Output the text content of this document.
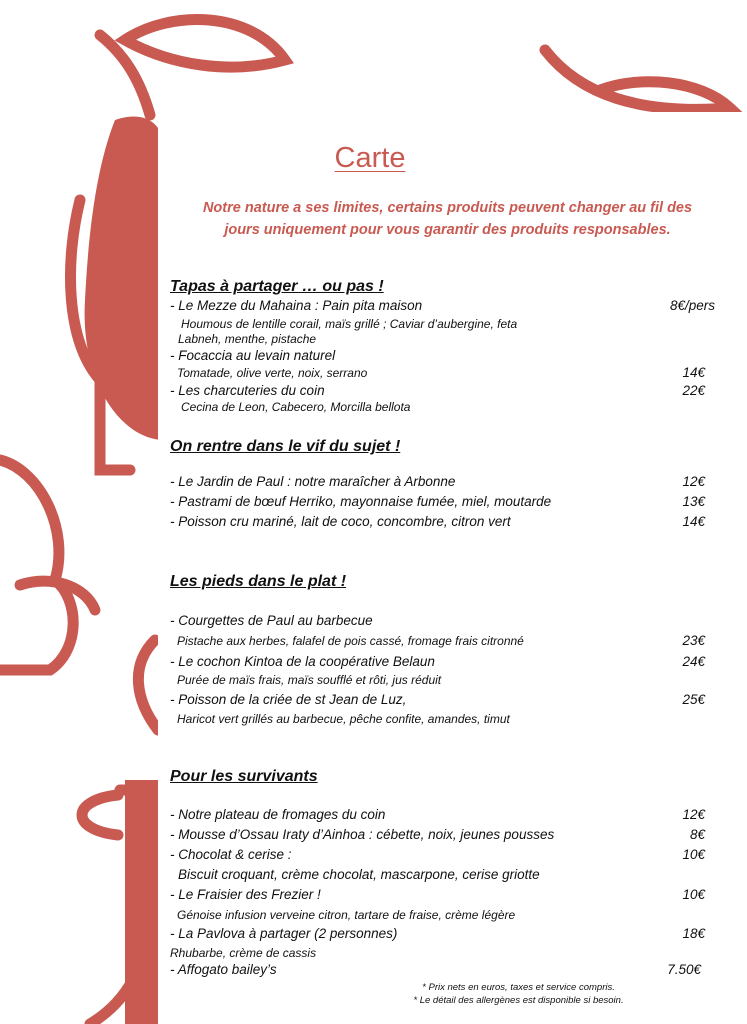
Carte
Notre nature a ses limites, certains produits peuvent changer au fil des
jours uniquement pour vous garantir des produits responsables.
Tapas à partager … ou pas !
- Le Mezze du Mahaina : Pain pita maison	8€/pers
Houmous de lentille corail, maïs grillé ; Caviar d’aubergine, feta
Labneh, menthe, pistache
- Focaccia au levain naturel
Tomatade, olive verte, noix, serrano	14€
- Les charcuteries du coin	22€
Cecina de Leon, Cabecero, Morcilla bellota
On rentre dans le vif du sujet !
- Le Jardin de Paul : notre maraîcher à Arbonne	12€
- Pastrami de bœuf Herriko, mayonnaise fumée, miel, moutarde	13€
- Poisson cru mariné, lait de coco, concombre, citron vert	14€
Les pieds dans le plat !
- Courgettes de Paul au barbecue
Pistache aux herbes, falafel de pois cassé, fromage frais citronné	23€
- Le cochon Kintoa de la coopérative Belaun	24€
Purée de maïs frais, maïs soufflé et rôti, jus réduit
- Poisson de la criée de st Jean de Luz,	25€
Haricot vert grillés au barbecue, pêche confite, amandes, timut
Pour les survivants
- Notre plateau de fromages du coin	12€
- Mousse d’Ossau Iraty d’Ainhoa : cébette, noix, jeunes pousses	8€
- Chocolat & cerise :	10€
Biscuit croquant, crème chocolat, mascarpone, cerise griotte
- Le Fraisier des Frezier !	10€
Génoise infusion verveine citron, tartare de fraise, crème légère
- La Pavlova à partager (2 personnes)	18€
Rhubarbe, crème de cassis
- Affogato bailey’s	7.50€
* Prix nets en euros, taxes et service compris.
* Le détail des allergènes est disponible si besoin.
